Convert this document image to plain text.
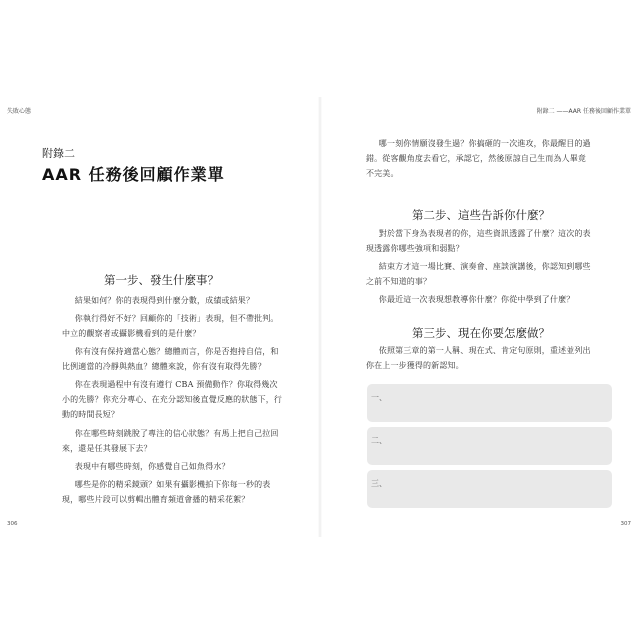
失敗心態
附錄二
AAR 任務後回顧作業單
第一步、發生什麼事？
結果如何？你的表現得到什麼分數，成績或結果？
你執行得好不好？回顧你的「技術」表現，但不帶批判。中立的觀察者或攝影機看到的是什麼？
你有沒有保持適當心態？總體而言，你是否抱持自信，和比例適當的冷靜與熱血？總體來說，你有沒有取得先勝？
你在表現過程中有沒有遵行 CBA 預備動作？你取得幾次小的先勝？你充分專心、在充分認知後直覺反應的狀態下，行動的時間長短？
你在哪些時刻跳脫了專注的信心狀態？有馬上把自己拉回來，還是任其發展下去？
表現中有哪些時刻，你感覺自己如魚得水？
哪些是你的精采鏡頭？如果有攝影機拍下你每一秒的表現，哪些片段可以剪輯出體育頻道會播的精采花絮？
306
附錄二 ——AAR 任務後回顧作業單
哪一刻你情願沒發生過？你搞砸的一次進攻，你最醒目的過錯。從客觀角度去看它，承認它，然後原諒自己生而為人畢竟不完美。
第二步、這些告訴你什麼？
對於當下身為表現者的你，這些資訊透露了什麼？這次的表現透露你哪些強項和弱點？
結束方才這一場比賽、演奏會、座談演講後，你認知到哪些之前不知道的事？
你最近這一次表現想教導你什麼？你從中學到了什麼？
第三步、現在你要怎麼做？
依照第三章的第一人稱、現在式、肯定句原則，重述並列出你在上一步獲得的新認知。
一、
二、
三、
307
